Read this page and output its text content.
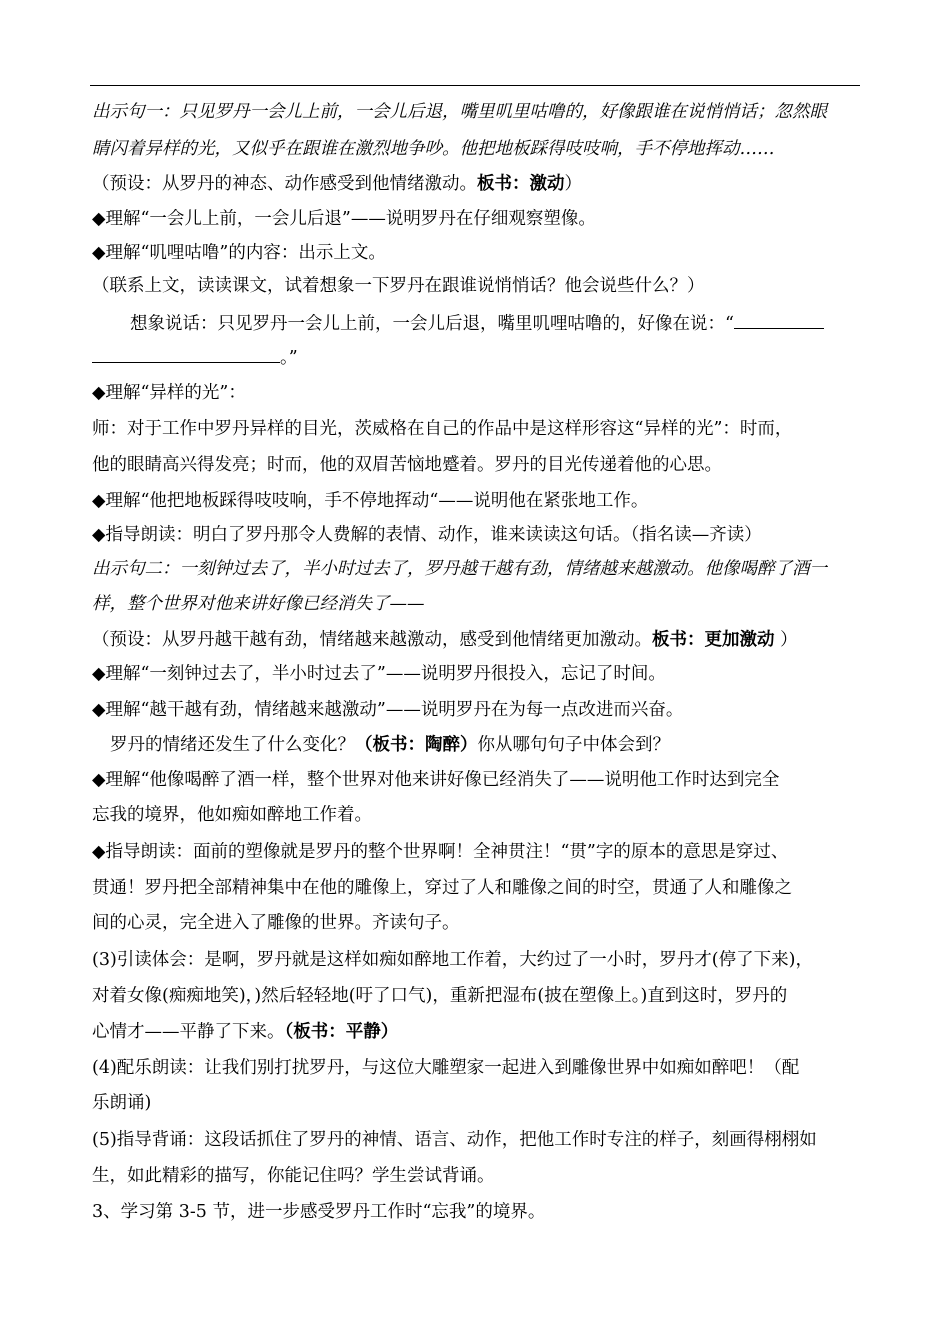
出示句一：只见罗丹一会儿上前，一会儿后退，嘴里叽里咕噜的，好像跟谁在说悄悄话；忽然眼
睛闪着异样的光，又似乎在跟谁在激烈地争吵。他把地板踩得吱吱响，手不停地挥动……
（预设：从罗丹的神态、动作感受到他情绪激动。板书：激动）
◆理解“一会儿上前，一会儿后退”——说明罗丹在仔细观察塑像。
◆理解“叽哩咕噜”的内容：出示上文。
（联系上文，读读课文，试着想象一下罗丹在跟谁说悄悄话？他会说些什么？）
想象说话：只见罗丹一会儿上前，一会儿后退，嘴里叽哩咕噜的，好像在说：“
。”
◆理解“异样的光”：
师：对于工作中罗丹异样的目光，茨威格在自己的作品中是这样形容这“异样的光”：时而，
他的眼睛高兴得发亮；时而，他的双眉苦恼地蹙着。罗丹的目光传递着他的心思。
◆理解“他把地板踩得吱吱响，手不停地挥动“——说明他在紧张地工作。
◆指导朗读：明白了罗丹那令人费解的表情、动作，谁来读读这句话。（指名读—齐读）
出示句二：一刻钟过去了，半小时过去了，罗丹越干越有劲，情绪越来越激动。他像喝醉了酒一
样，整个世界对他来讲好像已经消失了——
（预设：从罗丹越干越有劲，情绪越来越激动，感受到他情绪更加激动。板书：更加激动 ）
◆理解“一刻钟过去了，半小时过去了”——说明罗丹很投入，忘记了时间。
◆理解“越干越有劲，情绪越来越激动”——说明罗丹在为每一点改进而兴奋。
罗丹的情绪还发生了什么变化？（板书：陶醉）你从哪句句子中体会到？
◆理解“他像喝醉了酒一样，整个世界对他来讲好像已经消失了——说明他工作时达到完全
忘我的境界，他如痴如醉地工作着。
◆指导朗读：面前的塑像就是罗丹的整个世界啊！全神贯注！“贯”字的原本的意思是穿过、
贯通！罗丹把全部精神集中在他的雕像上，穿过了人和雕像之间的时空，贯通了人和雕像之
间的心灵，完全进入了雕像的世界。齐读句子。
(3)引读体会：是啊，罗丹就是这样如痴如醉地工作着，大约过了一小时，罗丹才(停了下来)，
对着女像(痴痴地笑)，)然后轻轻地(吁了口气)，重新把湿布(披在塑像上。)直到这时，罗丹的
心情才——平静了下来。（板书：平静）
(4)配乐朗读：让我们别打扰罗丹，与这位大雕塑家一起进入到雕像世界中如痴如醉吧！（配
乐朗诵)
(5)指导背诵：这段话抓住了罗丹的神情、语言、动作，把他工作时专注的样子，刻画得栩栩如
生，如此精彩的描写，你能记住吗？学生尝试背诵。
3、学习第 3-5 节，进一步感受罗丹工作时“忘我”的境界。
